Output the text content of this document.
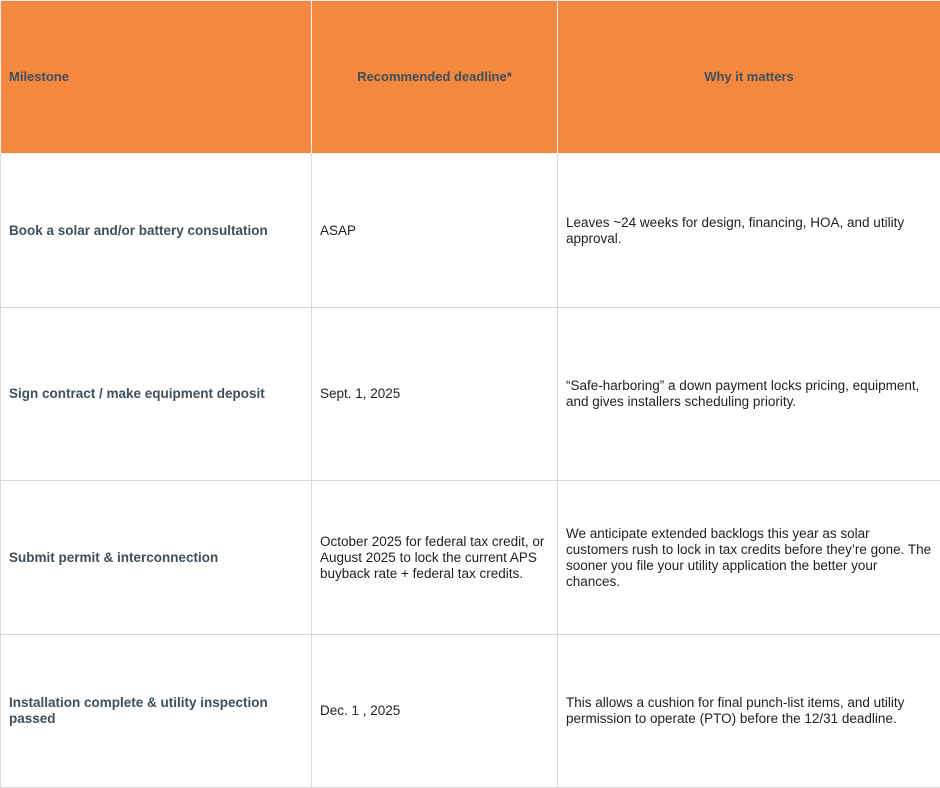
Milestone	Recommended deadline*	Why it matters
Book a solar and/or battery consultation	ASAP	Leaves ~24 weeks for design, financing, HOA, and utility approval.
Sign contract / make equipment deposit	Sept. 1, 2025	“Safe-harboring” a down payment locks pricing, equipment, and gives installers scheduling priority.
Submit permit & interconnection	October 2025 for federal tax credit, or August 2025 to lock the current APS buyback rate + federal tax credits.	We anticipate extended backlogs this year as solar customers rush to lock in tax credits before they’re gone. The sooner you file your utility application the better your chances.
Installation complete & utility inspection passed	Dec. 1 , 2025	This allows a cushion for final punch-list items, and utility permission to operate (PTO) before the 12/31 deadline.
